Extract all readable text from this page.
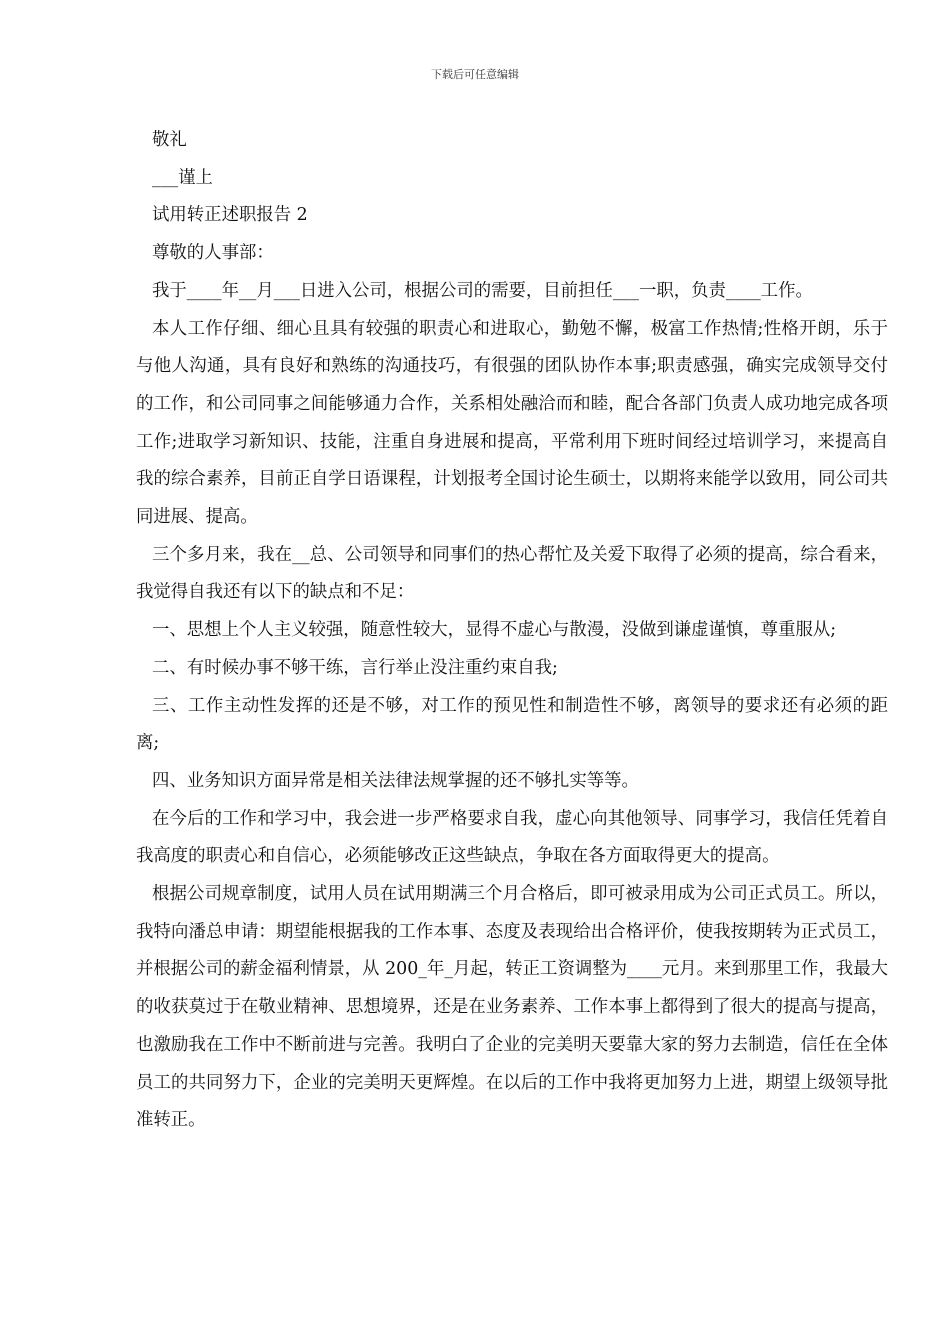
下载后可任意编辑

敬礼

___谨上

试用转正述职报告 2

尊敬的人事部：

我于____年__月___日进入公司，根据公司的需要，目前担任___一职，负责____工作。

本人工作仔细、细心且具有较强的职责心和进取心，勤勉不懈，极富工作热情;性格开朗，乐于与他人沟通，具有良好和熟练的沟通技巧，有很强的团队协作本事;职责感强，确实完成领导交付的工作，和公司同事之间能够通力合作，关系相处融洽而和睦，配合各部门负责人成功地完成各项工作;进取学习新知识、技能，注重自身进展和提高，平常利用下班时间经过培训学习，来提高自我的综合素养，目前正自学日语课程，计划报考全国讨论生硕士，以期将来能学以致用，同公司共同进展、提高。

三个多月来，我在__总、公司领导和同事们的热心帮忙及关爱下取得了必须的提高，综合看来，我觉得自我还有以下的缺点和不足：

一、思想上个人主义较强，随意性较大，显得不虚心与散漫，没做到谦虚谨慎，尊重服从;

二、有时候办事不够干练，言行举止没注重约束自我;

三、工作主动性发挥的还是不够，对工作的预见性和制造性不够，离领导的要求还有必须的距离;

四、业务知识方面异常是相关法律法规掌握的还不够扎实等等。

在今后的工作和学习中，我会进一步严格要求自我，虚心向其他领导、同事学习，我信任凭着自我高度的职责心和自信心，必须能够改正这些缺点，争取在各方面取得更大的提高。

根据公司规章制度，试用人员在试用期满三个月合格后，即可被录用成为公司正式员工。所以，我特向潘总申请：期望能根据我的工作本事、态度及表现给出合格评价，使我按期转为正式员工，并根据公司的薪金福利情景，从 200_年_月起，转正工资调整为____元月。来到那里工作，我最大的收获莫过于在敬业精神、思想境界，还是在业务素养、工作本事上都得到了很大的提高与提高，也激励我在工作中不断前进与完善。我明白了企业的完美明天要靠大家的努力去制造，信任在全体员工的共同努力下，企业的完美明天更辉煌。在以后的工作中我将更加努力上进，期望上级领导批准转正。
